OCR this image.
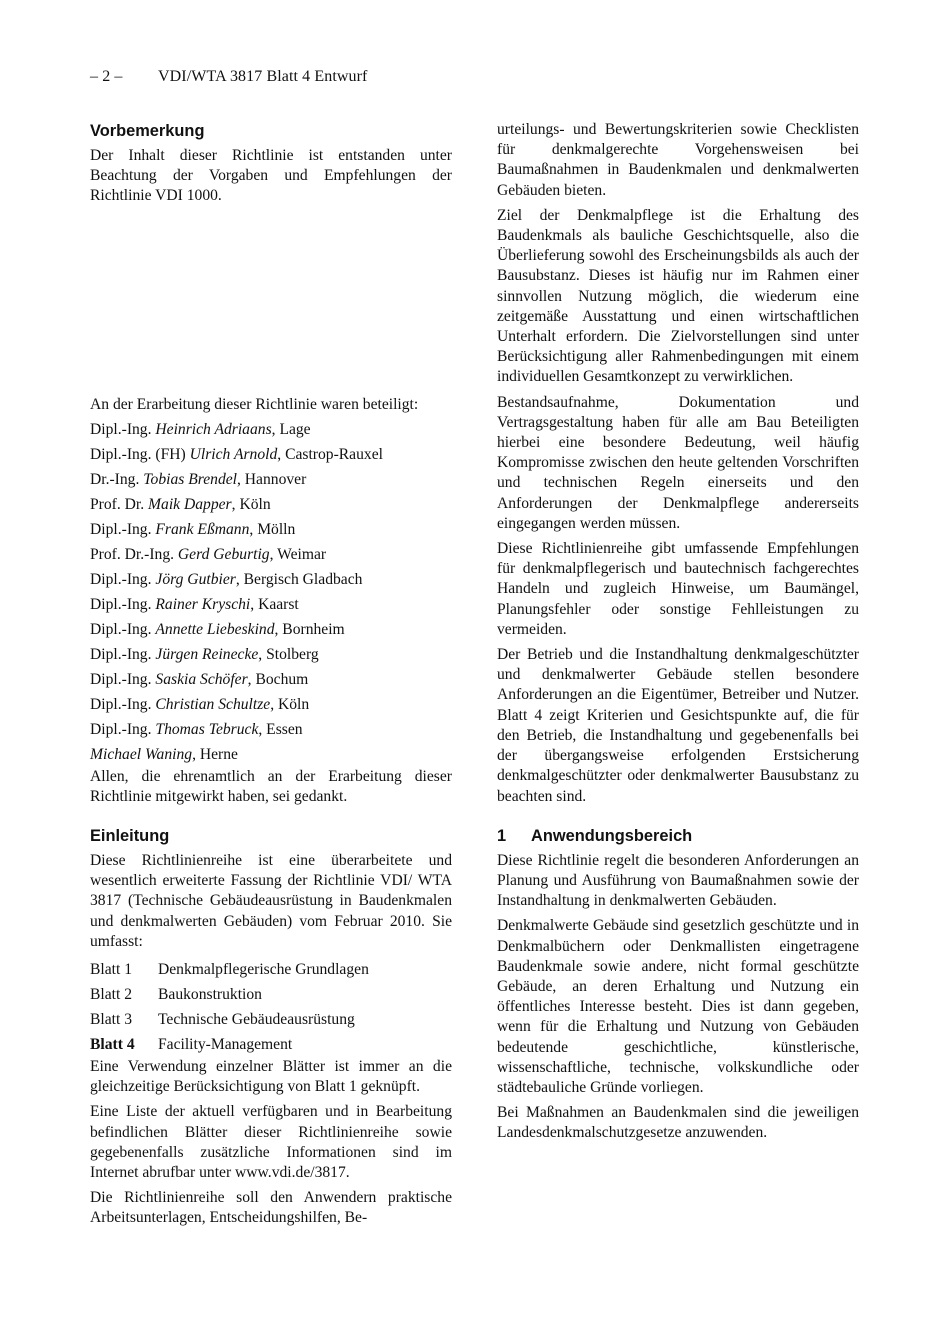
– 2 – VDI/WTA 3817 Blatt 4 Entwurf
Vorbemerkung

Der Inhalt dieser Richtlinie ist entstanden unter Beachtung der Vorgaben und Empfehlungen der Richtlinie VDI 1000.

An der Erarbeitung dieser Richtlinie waren beteiligt:

Dipl.-Ing. Heinrich Adriaans, Lage
Dipl.-Ing. (FH) Ulrich Arnold, Castrop-Rauxel
Dr.-Ing. Tobias Brendel, Hannover
Prof. Dr. Maik Dapper, Köln
Dipl.-Ing. Frank Eßmann, Mölln
Prof. Dr.-Ing. Gerd Geburtig, Weimar
Dipl.-Ing. Jörg Gutbier, Bergisch Gladbach
Dipl.-Ing. Rainer Kryschi, Kaarst
Dipl.-Ing. Annette Liebeskind, Bornheim
Dipl.-Ing. Jürgen Reinecke, Stolberg
Dipl.-Ing. Saskia Schöfer, Bochum
Dipl.-Ing. Christian Schultze, Köln
Dipl.-Ing. Thomas Tebruck, Essen
Michael Waning, Herne

Allen, die ehrenamtlich an der Erarbeitung dieser Richtlinie mitgewirkt haben, sei gedankt.

Einleitung

Diese Richtlinienreihe ist eine überarbeitete und wesentlich erweiterte Fassung der Richtlinie VDI/ WTA 3817 (Technische Gebäudeausrüstung in Baudenkmalen und denkmalwerten Gebäuden) vom Februar 2010. Sie umfasst:

Blatt 1	Denkmalpflegerische Grundlagen
Blatt 2	Baukonstruktion
Blatt 3	Technische Gebäudeausrüstung
Blatt 4	Facility-Management

Eine Verwendung einzelner Blätter ist immer an die gleichzeitige Berücksichtigung von Blatt 1 geknüpft.

Eine Liste der aktuell verfügbaren und in Bearbeitung befindlichen Blätter dieser Richtlinienreihe sowie gegebenenfalls zusätzliche Informationen sind im Internet abrufbar unter www.vdi.de/3817.

Die Richtlinienreihe soll den Anwendern praktische Arbeitsunterlagen, Entscheidungshilfen, Be-

urteilungs- und Bewertungskriterien sowie Checklisten für denkmalgerechte Vorgehensweisen bei Baumaßnahmen in Baudenkmalen und denkmalwerten Gebäuden bieten.

Ziel der Denkmalpflege ist die Erhaltung des Baudenkmals als bauliche Geschichtsquelle, also die Überlieferung sowohl des Erscheinungsbilds als auch der Bausubstanz. Dieses ist häufig nur im Rahmen einer sinnvollen Nutzung möglich, die wiederum eine zeitgemäße Ausstattung und einen wirtschaftlichen Unterhalt erfordern. Die Zielvorstellungen sind unter Berücksichtigung aller Rahmenbedingungen mit einem individuellen Gesamtkonzept zu verwirklichen.

Bestandsaufnahme, Dokumentation und Vertragsgestaltung haben für alle am Bau Beteiligten hierbei eine besondere Bedeutung, weil häufig Kompromisse zwischen den heute geltenden Vorschriften und technischen Regeln einerseits und den Anforderungen der Denkmalpflege andererseits eingegangen werden müssen.

Diese Richtlinienreihe gibt umfassende Empfehlungen für denkmalpflegerisch und bautechnisch fachgerechtes Handeln und zugleich Hinweise, um Baumängel, Planungsfehler oder sonstige Fehlleistungen zu vermeiden.

Der Betrieb und die Instandhaltung denkmalgeschützter und denkmalwerter Gebäude stellen besondere Anforderungen an die Eigentümer, Betreiber und Nutzer. Blatt 4 zeigt Kriterien und Gesichtspunkte auf, die für den Betrieb, die Instandhaltung und gegebenenfalls bei der übergangsweise erfolgenden Erstsicherung denkmalgeschützter oder denkmalwerter Bausubstanz zu beachten sind.

1 Anwendungsbereich

Diese Richtlinie regelt die besonderen Anforderungen an Planung und Ausführung von Baumaßnahmen sowie der Instandhaltung in denkmalwerten Gebäuden.

Denkmalwerte Gebäude sind gesetzlich geschützte und in Denkmalbüchern oder Denkmallisten eingetragene Baudenkmale sowie andere, nicht formal geschützte Gebäude, an deren Erhaltung und Nutzung ein öffentliches Interesse besteht. Dies ist dann gegeben, wenn für die Erhaltung und Nutzung von Gebäuden bedeutende geschichtliche, künstlerische, wissenschaftliche, technische, volkskundliche oder städtebauliche Gründe vorliegen.

Bei Maßnahmen an Baudenkmalen sind die jeweiligen Landesdenkmalschutzgesetze anzuwenden.
